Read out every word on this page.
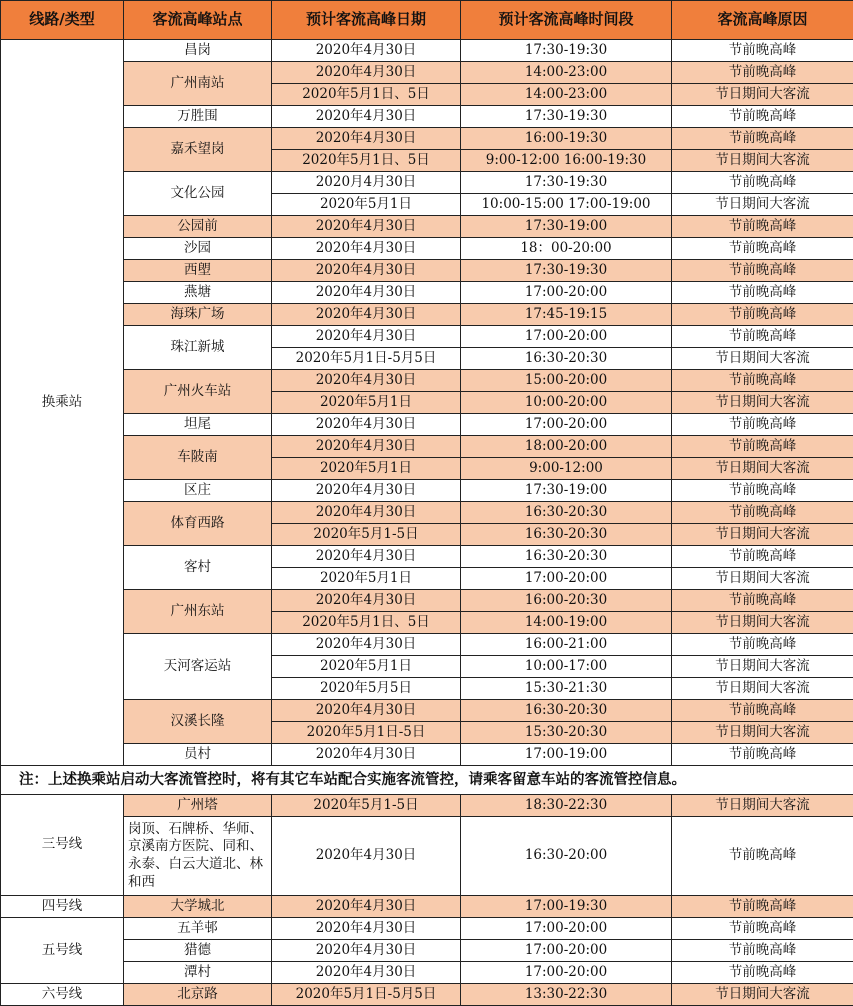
线路/类型	客流高峰站点	预计客流高峰日期	预计客流高峰时间段	客流高峰原因
换乘站	昌岗	2020年4月30日	17:30-19:30	节前晚高峰
	广州南站	2020年4月30日	14:00-23:00	节前晚高峰
		2020年5月1日、5日	14:00-23:00	节日期间大客流
	万胜围	2020年4月30日	17:30-19:30	节前晚高峰
	嘉禾望岗	2020年4月30日	16:00-19:30	节前晚高峰
		2020年5月1日、5日	9:00-12:00 16:00-19:30	节日期间大客流
	文化公园	2020月4月30日	17:30-19:30	节前晚高峰
		2020年5月1日	10:00-15:00 17:00-19:00	节日期间大客流
	公园前	2020年4月30日	17:30-19:00	节前晚高峰
	沙园	2020年4月30日	18：00-20:00	节前晚高峰
	西塱	2020年4月30日	17:30-19:30	节前晚高峰
	燕塘	2020年4月30日	17:00-20:00	节前晚高峰
	海珠广场	2020年4月30日	17:45-19:15	节前晚高峰
	珠江新城	2020年4月30日	17:00-20:00	节前晚高峰
		2020年5月1日-5月5日	16:30-20:30	节日期间大客流
	广州火车站	2020年4月30日	15:00-20:00	节前晚高峰
		2020年5月1日	10:00-20:00	节日期间大客流
	坦尾	2020年4月30日	17:00-20:00	节前晚高峰
	车陂南	2020年4月30日	18:00-20:00	节前晚高峰
		2020年5月1日	9:00-12:00	节日期间大客流
	区庄	2020年4月30日	17:30-19:00	节前晚高峰
	体育西路	2020年4月30日	16:30-20:30	节前晚高峰
		2020年5月1-5日	16:30-20:30	节日期间大客流
	客村	2020年4月30日	16:30-20:30	节前晚高峰
		2020年5月1日	17:00-20:00	节日期间大客流
	广州东站	2020年4月30日	16:00-20:30	节前晚高峰
		2020年5月1日、5日	14:00-19:00	节日期间大客流
	天河客运站	2020年4月30日	16:00-21:00	节前晚高峰
		2020年5月1日	10:00-17:00	节日期间大客流
		2020年5月5日	15:30-21:30	节日期间大客流
	汉溪长隆	2020年4月30日	16:30-20:30	节前晚高峰
		2020年5月1日-5日	15:30-20:30	节日期间大客流
	员村	2020年4月30日	17:00-19:00	节前晚高峰
注：上述换乘站启动大客流管控时，将有其它车站配合实施客流管控，请乘客留意车站的客流管控信息。				
三号线	广州塔	2020年5月1-5日	18:30-22:30	节日期间大客流
	岗顶、石牌桥、华师、京溪南方医院、同和、永泰、白云大道北、林和西	2020年4月30日	16:30-20:00	节前晚高峰
四号线	大学城北	2020年4月30日	17:00-19:30	节前晚高峰
五号线	五羊邨	2020年4月30日	17:00-20:00	节前晚高峰
	猎德	2020年4月30日	17:00-20:00	节前晚高峰
	潭村	2020年4月30日	17:00-20:00	节前晚高峰
六号线	北京路	2020年5月1日-5月5日	13:30-22:30	节日期间大客流
